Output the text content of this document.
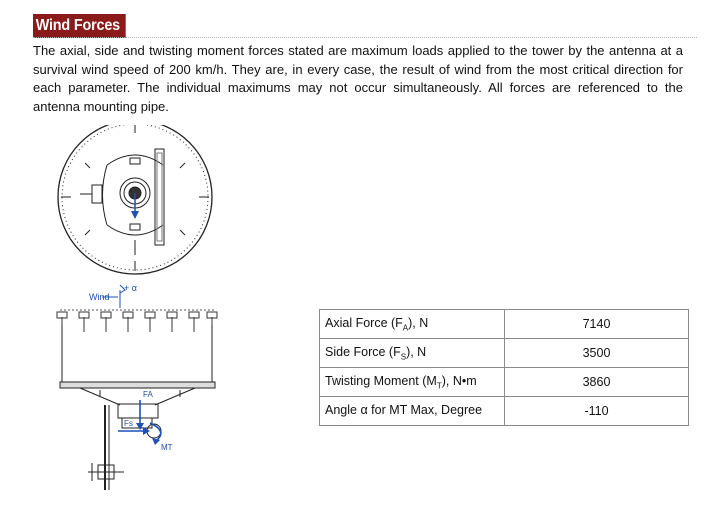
Wind Forces
The axial, side and twisting moment forces stated are maximum loads applied to the tower by the antenna at a survival wind speed of 200 km/h. They are, in every case, the result of wind from the most critical direction for each parameter. The individual maximums may not occur simultaneously. All forces are referenced to the antenna mounting pipe.
Wind
+ α
FA
Fs
MT
Axial Force $(F_A)$, N	7140
Side Force $(F_S)$, N	3500
Twisting Moment $(M_T)$, N•m	3860
Angle α for MT Max, Degree	-110
